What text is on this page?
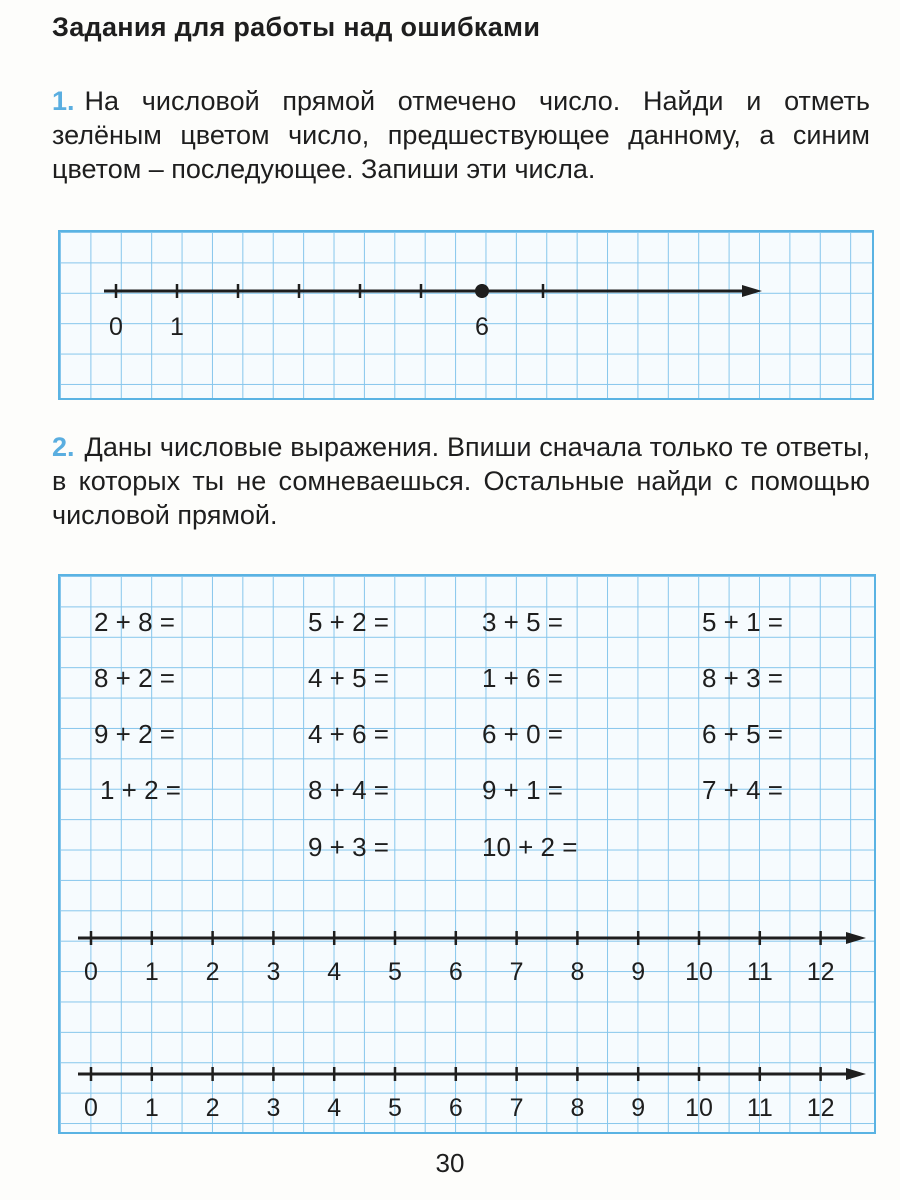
Задания для работы над ошибками
1. На числовой прямой отмечено число. Найди и отметь зелёным цветом число, предшествующее данному, а синим цветом – последующее. Запиши эти числа.
2. Даны числовые выражения. Впиши сначала только те ответы, в которых ты не сомневаешься. Остальные найди с помощью числовой прямой.
2 + 8 =
8 + 2 =
9 + 2 =
1 + 2 =
5 + 2 =
4 + 5 =
4 + 6 =
8 + 4 =
9 + 3 =
3 + 5 =
1 + 6 =
6 + 0 =
9 + 1 =
10 + 2 =
5 + 1 =
8 + 3 =
6 + 5 =
7 + 4 =
0 1	6
0 1 2 3 4 5 6 7 8 9 10 11 12
0 1 2 3 4 5 6 7 8 9 10 11 12
30
